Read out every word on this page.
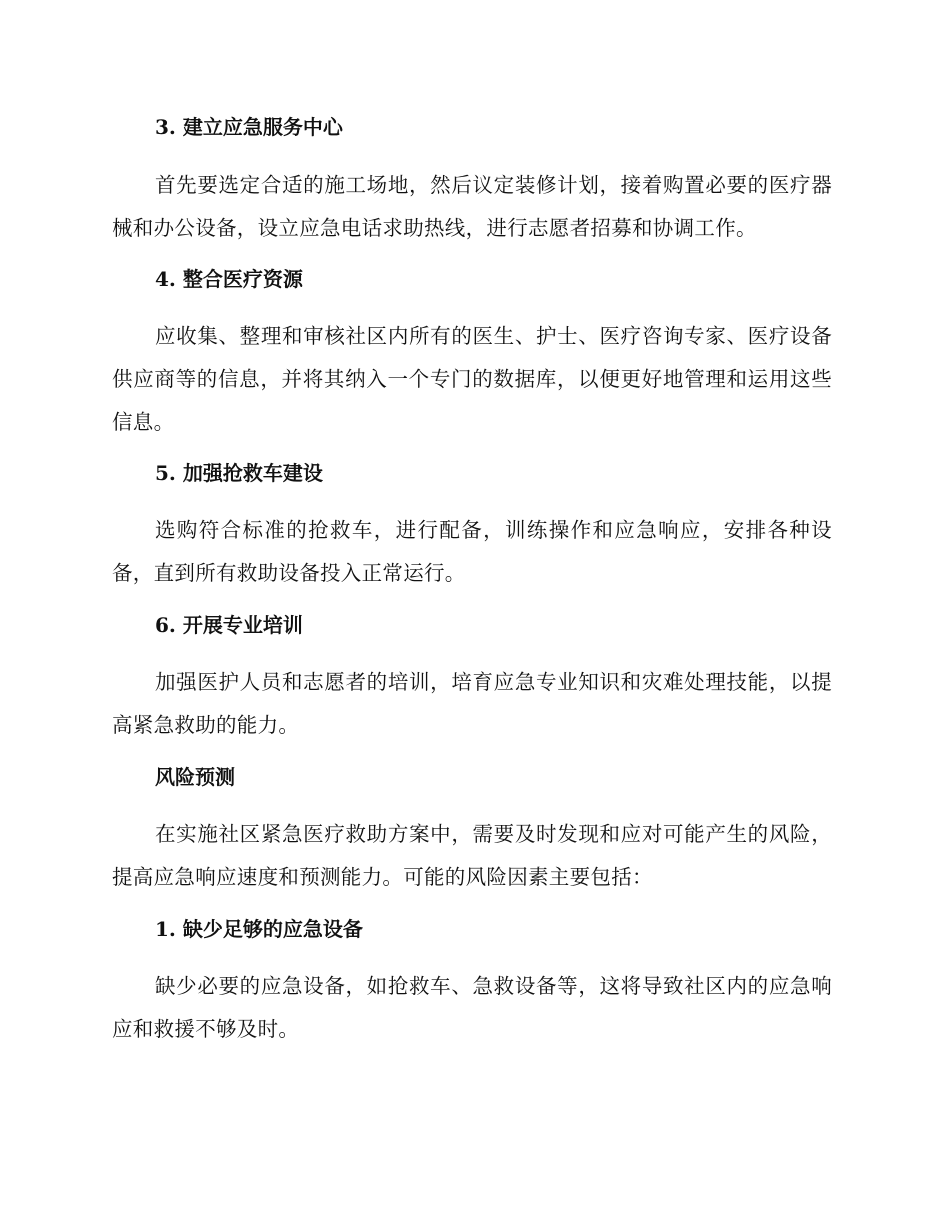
3. 建立应急服务中心

首先要选定合适的施工场地，然后议定装修计划，接着购置必要的医疗器械和办公设备，设立应急电话求助热线，进行志愿者招募和协调工作。

4. 整合医疗资源

应收集、整理和审核社区内所有的医生、护士、医疗咨询专家、医疗设备供应商等的信息，并将其纳入一个专门的数据库，以便更好地管理和运用这些信息。

5. 加强抢救车建设

选购符合标准的抢救车，进行配备，训练操作和应急响应，安排各种设备，直到所有救助设备投入正常运行。

6. 开展专业培训

加强医护人员和志愿者的培训，培育应急专业知识和灾难处理技能，以提高紧急救助的能力。

风险预测

在实施社区紧急医疗救助方案中，需要及时发现和应对可能产生的风险，提高应急响应速度和预测能力。可能的风险因素主要包括：

1. 缺少足够的应急设备

缺少必要的应急设备，如抢救车、急救设备等，这将导致社区内的应急响应和救援不够及时。
